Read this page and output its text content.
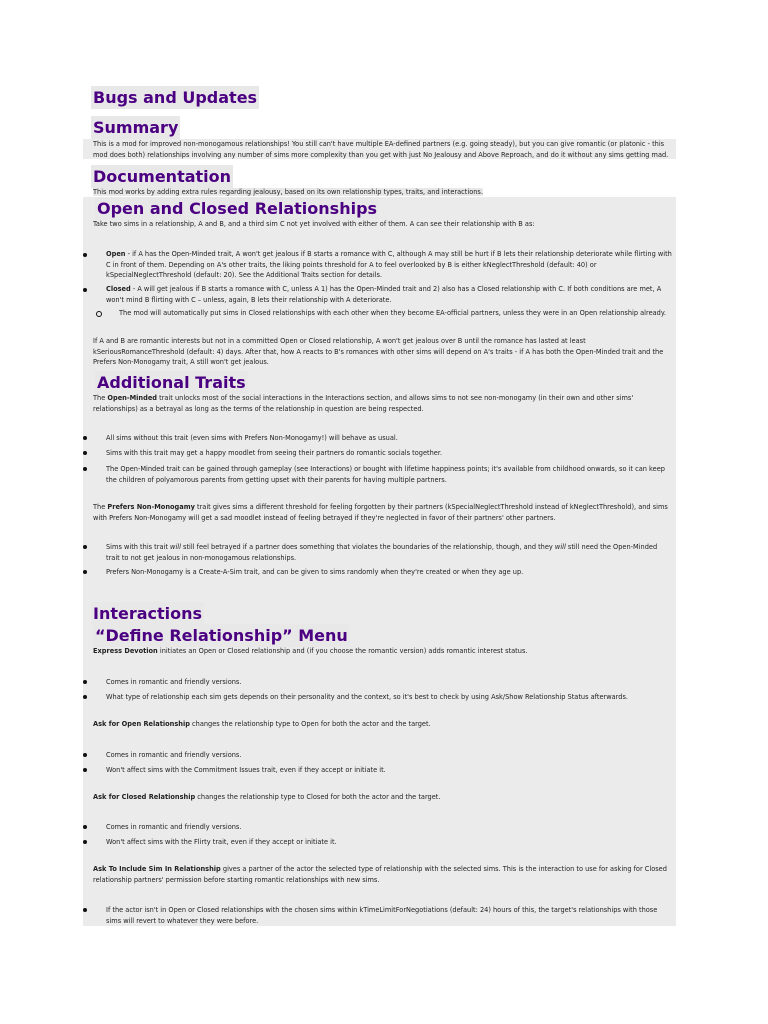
Bugs and Updates
Summary
This is a mod for improved non-monogamous relationships! You still can't have multiple EA-defined partners (e.g. going steady), but you can give romantic (or platonic - this mod does both) relationships involving any number of sims more complexity than you get with just No Jealousy and Above Reproach, and do it without any sims getting mad.
Documentation
This mod works by adding extra rules regarding jealousy, based on its own relationship types, traits, and interactions.
Open and Closed Relationships
Take two sims in a relationship, A and B, and a third sim C not yet involved with either of them. A can see their relationship with B as:
Open - if A has the Open-Minded trait, A won't get jealous if B starts a romance with C, although A may still be hurt if B lets their relationship deteriorate while flirting with C in front of them. Depending on A's other traits, the liking points threshold for A to feel overlooked by B is either kNeglectThreshold (default: 40) or kSpecialNeglectThreshold (default: 20). See the Additional Traits section for details.
Closed - A will get jealous if B starts a romance with C, unless A 1) has the Open-Minded trait and 2) also has a Closed relationship with C. If both conditions are met, A won't mind B flirting with C – unless, again, B lets their relationship with A deteriorate.
The mod will automatically put sims in Closed relationships with each other when they become EA-official partners, unless they were in an Open relationship already.
If A and B are romantic interests but not in a committed Open or Closed relationship, A won't get jealous over B until the romance has lasted at least kSeriousRomanceThreshold (default: 4) days. After that, how A reacts to B's romances with other sims will depend on A's traits - if A has both the Open-Minded trait and the Prefers Non-Monogamy trait, A still won't get jealous.
Additional Traits
The Open-Minded trait unlocks most of the social interactions in the Interactions section, and allows sims to not see non-monogamy (in their own and other sims' relationships) as a betrayal as long as the terms of the relationship in question are being respected.
All sims without this trait (even sims with Prefers Non-Monogamy!) will behave as usual.
Sims with this trait may get a happy moodlet from seeing their partners do romantic socials together.
The Open-Minded trait can be gained through gameplay (see Interactions) or bought with lifetime happiness points; it's available from childhood onwards, so it can keep the children of polyamorous parents from getting upset with their parents for having multiple partners.
The Prefers Non-Monogamy trait gives sims a different threshold for feeling forgotten by their partners (kSpecialNeglectThreshold instead of kNeglectThreshold), and sims with Prefers Non-Monogamy will get a sad moodlet instead of feeling betrayed if they're neglected in favor of their partners' other partners.
Sims with this trait will still feel betrayed if a partner does something that violates the boundaries of the relationship, though, and they will still need the Open-Minded trait to not get jealous in non-monogamous relationships.
Prefers Non-Monogamy is a Create-A-Sim trait, and can be given to sims randomly when they're created or when they age up.
Interactions
“Define Relationship” Menu
Express Devotion initiates an Open or Closed relationship and (if you choose the romantic version) adds romantic interest status.
Comes in romantic and friendly versions.
What type of relationship each sim gets depends on their personality and the context, so it's best to check by using Ask/Show Relationship Status afterwards.
Ask for Open Relationship changes the relationship type to Open for both the actor and the target.
Comes in romantic and friendly versions.
Won't affect sims with the Commitment Issues trait, even if they accept or initiate it.
Ask for Closed Relationship changes the relationship type to Closed for both the actor and the target.
Comes in romantic and friendly versions.
Won't affect sims with the Flirty trait, even if they accept or initiate it.
Ask To Include Sim In Relationship gives a partner of the actor the selected type of relationship with the selected sims. This is the interaction to use for asking for Closed relationship partners' permission before starting romantic relationships with new sims.
If the actor isn't in Open or Closed relationships with the chosen sims within kTimeLimitForNegotiations (default: 24) hours of this, the target's relationships with those sims will revert to whatever they were before.
